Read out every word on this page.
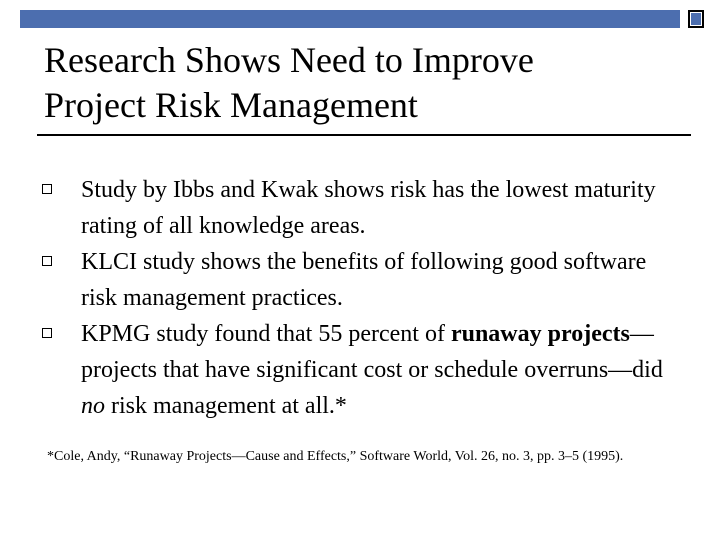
Research Shows Need to Improve
Project Risk Management
Study by Ibbs and Kwak shows risk has the lowest maturity rating of all knowledge areas.
KLCI study shows the benefits of following good software risk management practices.
KPMG study found that 55 percent of runaway projects—projects that have significant cost or schedule overruns—did no risk management at all.*

*Cole, Andy, “Runaway Projects—Cause and Effects,” Software World, Vol. 26, no. 3, pp. 3–5 (1995).
